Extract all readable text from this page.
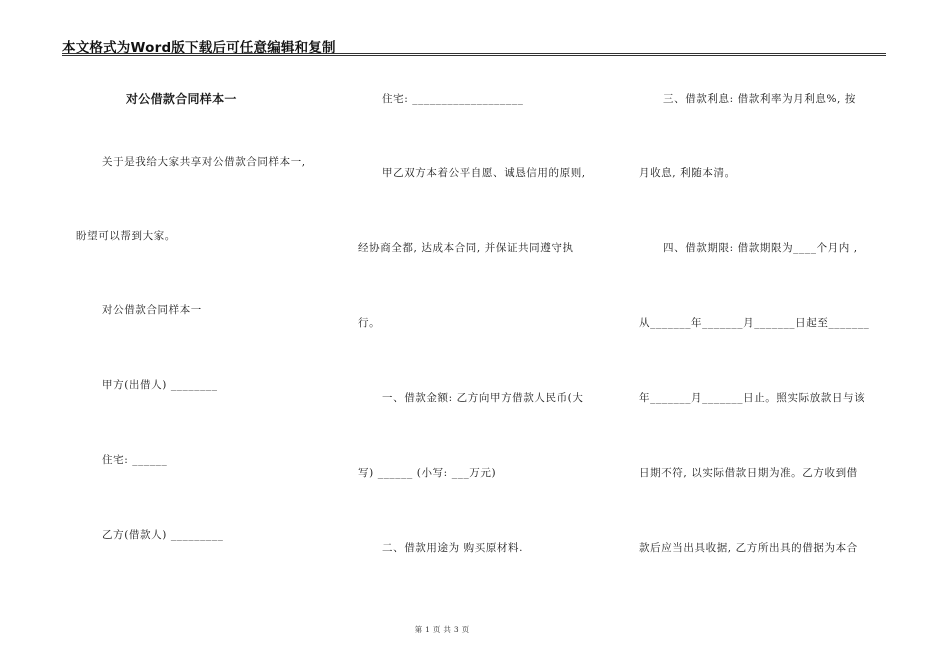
本文格式为Word版下载后可任意编辑和复制
对公借款合同样本一
关于是我给大家共享对公借款合同样本一,
盼望可以帮到大家。
对公借款合同样本一
甲方(出借人) ________
住宅: ______
乙方(借款人) _________
住宅: ___________________
甲乙双方本着公平自愿、诚恳信用的原则,
经协商全都, 达成本合同, 并保证共同遵守执
行。
一、借款金额: 乙方向甲方借款人民币(大
写) ______ (小写: ___万元)
二、借款用途为 购买原材料.
三、借款利息: 借款利率为月利息%, 按
月收息, 利随本清。
四、借款期限: 借款期限为____个月内 ,
从_______年_______月_______日起至_______
年_______月_______日止。照实际放款日与该
日期不符, 以实际借款日期为准。乙方收到借
款后应当出具收据, 乙方所出具的借据为本合
第 1 页 共 3 页
